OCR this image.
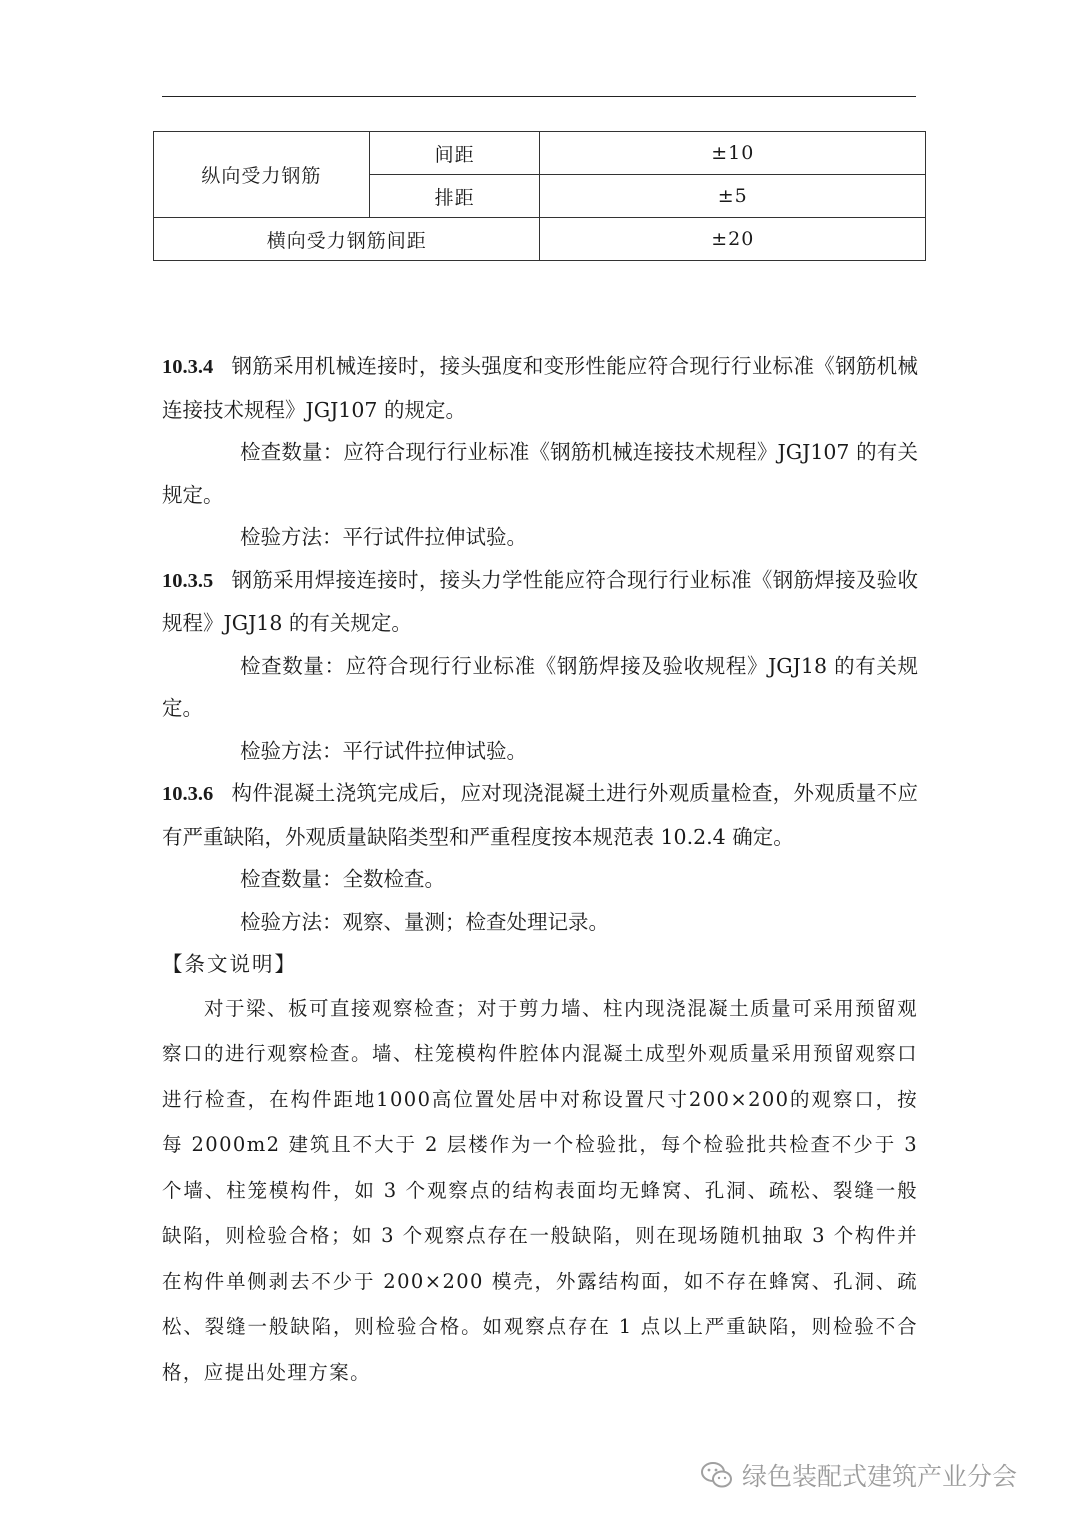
纵向受力钢筋	间距	±10
	排距	±5
横向受力钢筋间距		±20

10.3.4 钢筋采用机械连接时，接头强度和变形性能应符合现行行业标准《钢筋机械连接技术规程》JGJ107 的规定。

检查数量：应符合现行行业标准《钢筋机械连接技术规程》JGJ107 的有关规定。

检验方法：平行试件拉伸试验。

10.3.5 钢筋采用焊接连接时，接头力学性能应符合现行行业标准《钢筋焊接及验收规程》JGJ18 的有关规定。

检查数量：应符合现行行业标准《钢筋焊接及验收规程》JGJ18 的有关规定。

检验方法：平行试件拉伸试验。

10.3.6 构件混凝土浇筑完成后，应对现浇混凝土进行外观质量检查，外观质量不应有严重缺陷，外观质量缺陷类型和严重程度按本规范表 10.2.4 确定。

检查数量：全数检查。

检验方法：观察、量测；检查处理记录。

【条文说明】

对于梁、板可直接观察检查；对于剪力墙、柱内现浇混凝土质量可采用预留观察口的进行观察检查。墙、柱笼模构件腔体内混凝土成型外观质量采用预留观察口进行检查，在构件距地1000高位置处居中对称设置尺寸200×200的观察口，按每 2000m2 建筑且不大于 2 层楼作为一个检验批，每个检验批共检查不少于 3 个墙、柱笼模构件，如 3 个观察点的结构表面均无蜂窝、孔洞、疏松、裂缝一般缺陷，则检验合格；如 3 个观察点存在一般缺陷，则在现场随机抽取 3 个构件并在构件单侧剥去不少于 200×200 模壳，外露结构面，如不存在蜂窝、孔洞、疏松、裂缝一般缺陷，则检验合格。如观察点存在 1 点以上严重缺陷，则检验不合格，应提出处理方案。

绿色装配式建筑产业分会
